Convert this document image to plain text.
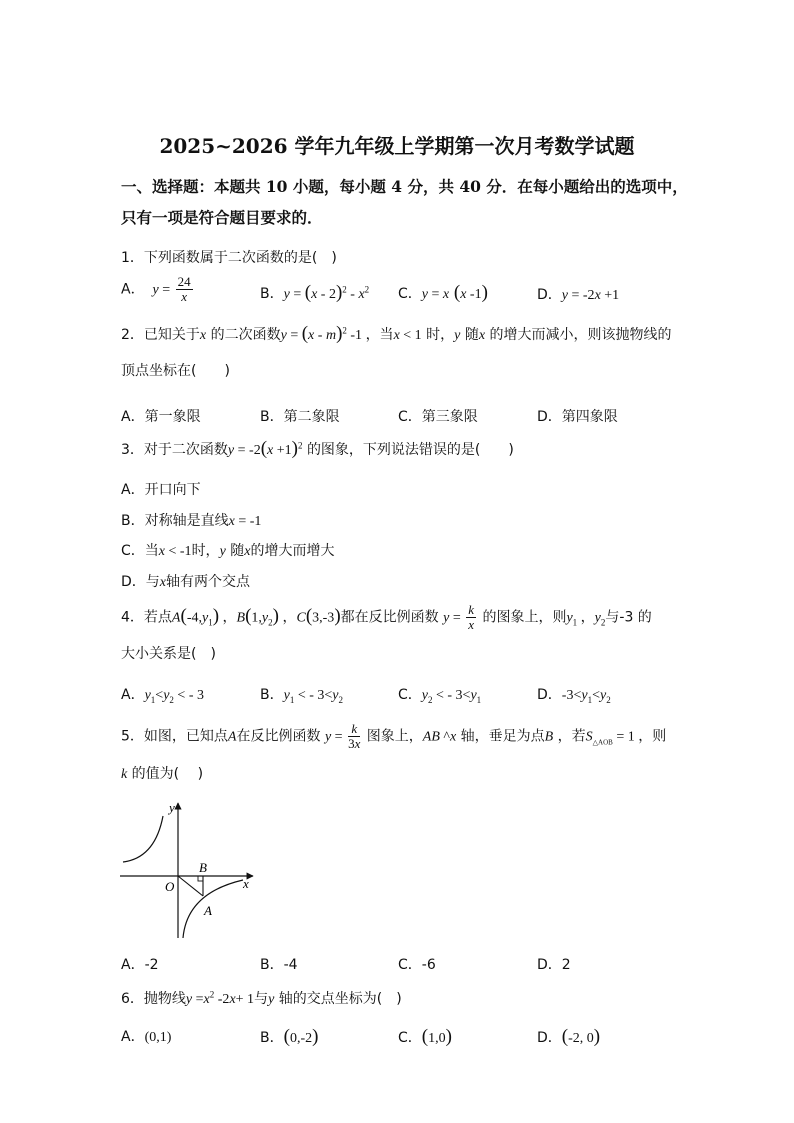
2025~2026 学年九年级上学期第一次月考数学试题
一、选择题：本题共 10 小题，每小题 4 分，共 40 分．在每小题给出的选项中，
只有一项是符合题目要求的．
1．下列函数属于二次函数的是(　)
A．  $y = \frac{24}{x}$	B．$y = (x - 2)^2 - x^2$ C．y = x (x -1)	D．y = -2x +1
2．已知关于x 的二次函数y = (x - m)$^2$ -1 ，当x < 1 时，y 随x 的增大而减小，则该抛物线的
顶点坐标在(　　)
A．第一象限	B．第二象限	C．第三象限	D．第四象限
3．对于二次函数$y = -2(x +1)^2$ 的图象，下列说法错误的是(　　)
A．开口向下
B．对称轴是直线x = -1
C．当x < -1时，y 随x的增大而增大
D．与x轴有两个交点
4．若点$A(-4,y_1)$ ，$B(1,y_2)$ ，C(3,-3)都在反比例函数 $y = \frac{k}{x}$ 的图象上，则$y_1$ ，$y_2$与-3 的
大小关系是(　)
A．$y_1<y_2$ < - 3	B．$y_1$ < - $3<y_2$	C．$y_2$ < - $3<y_1$	D．$-3<y_1<y_2$
5．如图，已知点A在反比例函数 $y = \frac{k}{3x}$ 图象上，AB ^x 轴，垂足为点B ，若$S_{\triangle AOB} = 1$ ，则
k 的值为(　 )
y
x
O
B
A
A．-2	B．-4	C．-6	D．2
6．抛物线$y =x^2$ -2x+ 1与y 轴的交点坐标为(　)
A．(0,1)	B．(0,-2)	C．(1,0)	D．(-2, 0)
